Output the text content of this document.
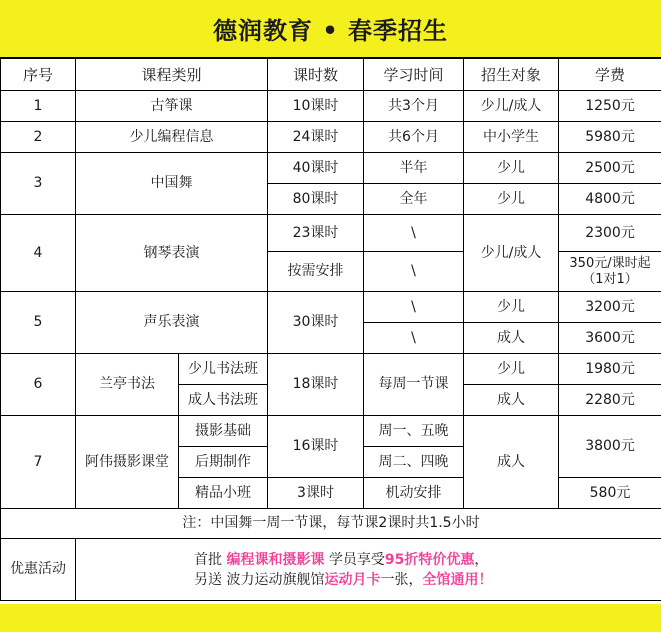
德润教育 • 春季招生
序号	课程类别		课时数	学习时间	招生对象	学费
1	古筝课		10课时	共3个月	少儿/成人	1250元
2	少儿编程信息		24课时	共6个月	中小学生	5980元
3	中国舞		40课时	半年	少儿	2500元
			80课时	全年	少儿	4800元
4	钢琴表演		23课时	\	少儿/成人	2300元
			按需安排	\		350元/课时起
（1对1）

5	声乐表演		30课时	\	少儿	3200元
				\	成人	3600元
6	兰亭书法	少儿书法班	18课时	每周一节课	少儿	1980元
		成人书法班			成人	2280元
7	阿伟摄影课堂	摄影基础	16课时	周一、五晚	成人	3800元
		后期制作		周二、四晚		
		精品小班	3课时	机动安排		580元
注：中国舞一周一节课，每节课2课时共1.5小时						
优惠活动	首批 编程课和摄影课 学员享受95折特价优惠，
另送 波力运动旗舰馆运动月卡一张，全馆通用！					
